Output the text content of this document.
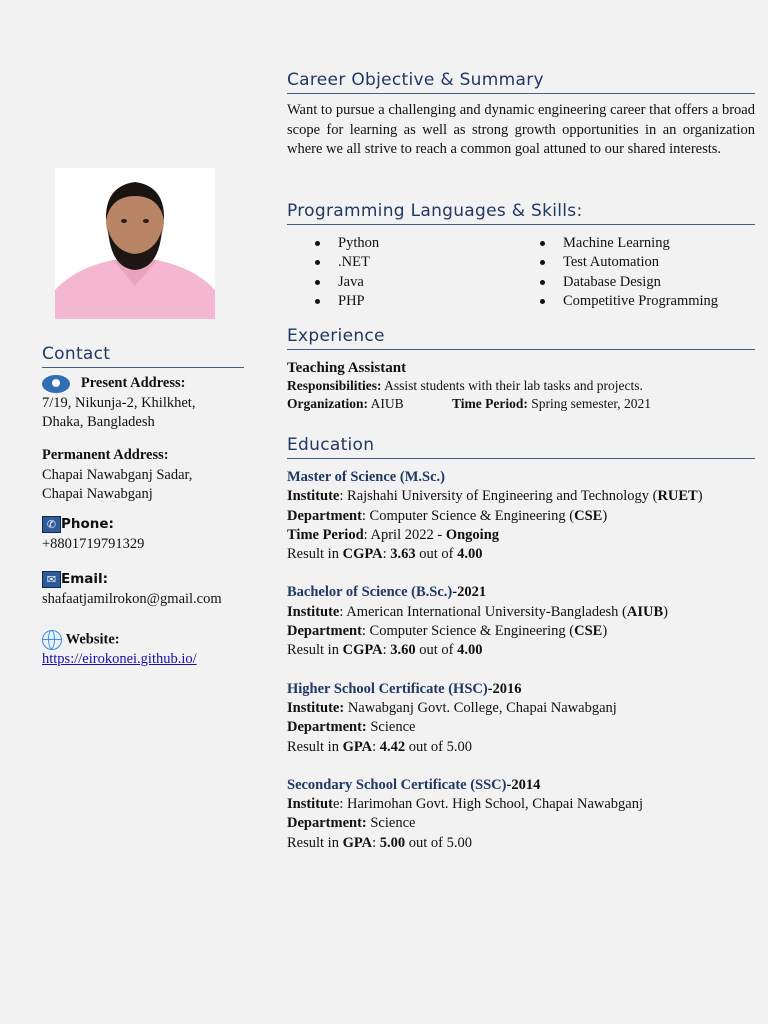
Contact
Present Address:
7/19, Nikunja-2, Khilkhet,
Dhaka, Bangladesh
Permanent Address:
Chapai Nawabganj Sadar,
Chapai Nawabganj
✆ Phone:
+8801719791329
✉ Email:
shafaatjamilrokon@gmail.com
Website:
https://eirokonei.github.io/
Career Objective & Summary
Want to pursue a challenging and dynamic engineering career that offers a broad scope for learning as well as strong growth opportunities in an organization where we all strive to reach a common goal attuned to our shared interests.
Programming Languages & Skills:
Python
.NET
Java
PHP
Machine Learning
Test Automation
Database Design
Competitive Programming
Experience
Teaching Assistant
Responsibilities: Assist students with their lab tasks and projects.
Organization: AIUB	Time Period: Spring semester, 2021
Education

Master of Science (M.Sc.)

Institute: Rajshahi University of Engineering and Technology (RUET)

Department: Computer Science & Engineering (CSE)

Time Period: April 2022 - Ongoing

Result in CGPA: 3.63 out of 4.00

Bachelor of Science (B.Sc.)-2021

Institute: American International University-Bangladesh (AIUB)

Department: Computer Science & Engineering (CSE)

Result in CGPA: 3.60 out of 4.00

Higher School Certificate (HSC)-2016

Institute: Nawabganj Govt. College, Chapai Nawabganj

Department: Science

Result in GPA: 4.42 out of 5.00

Secondary School Certificate (SSC)-2014

Institute: Harimohan Govt. High School, Chapai Nawabganj

Department: Science

Result in GPA: 5.00 out of 5.00
